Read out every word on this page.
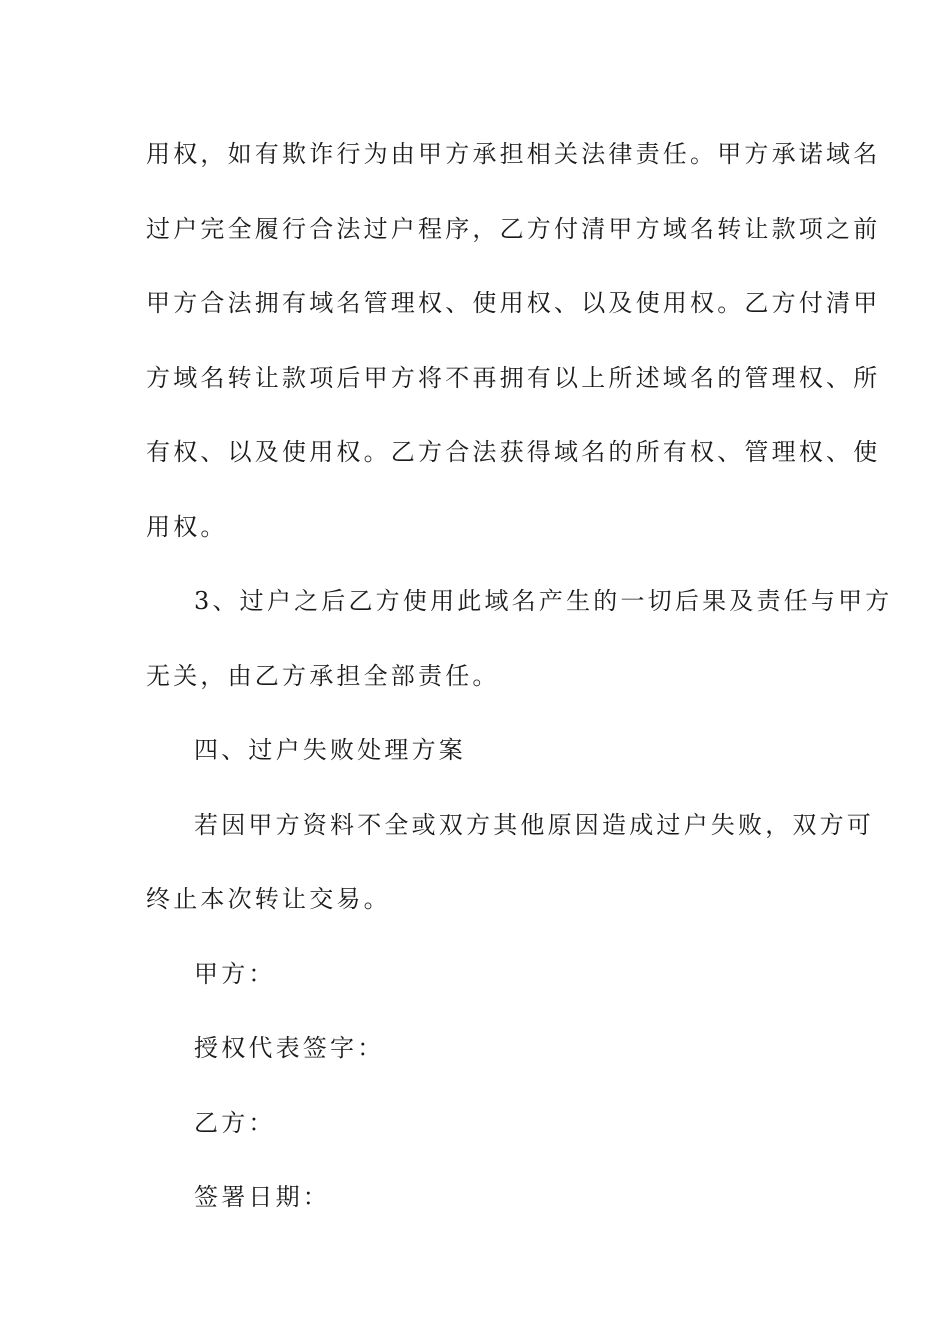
用权，如有欺诈行为由甲方承担相关法律责任。甲方承诺域名
过户完全履行合法过户程序，乙方付清甲方域名转让款项之前
甲方合法拥有域名管理权、使用权、以及使用权。乙方付清甲
方域名转让款项后甲方将不再拥有以上所述域名的管理权、所
有权、以及使用权。乙方合法获得域名的所有权、管理权、使
用权。
3、过户之后乙方使用此域名产生的一切后果及责任与甲方
无关，由乙方承担全部责任。
四、过户失败处理方案
若因甲方资料不全或双方其他原因造成过户失败，双方可
终止本次转让交易。
甲方：
授权代表签字：
乙方：
签署日期：
